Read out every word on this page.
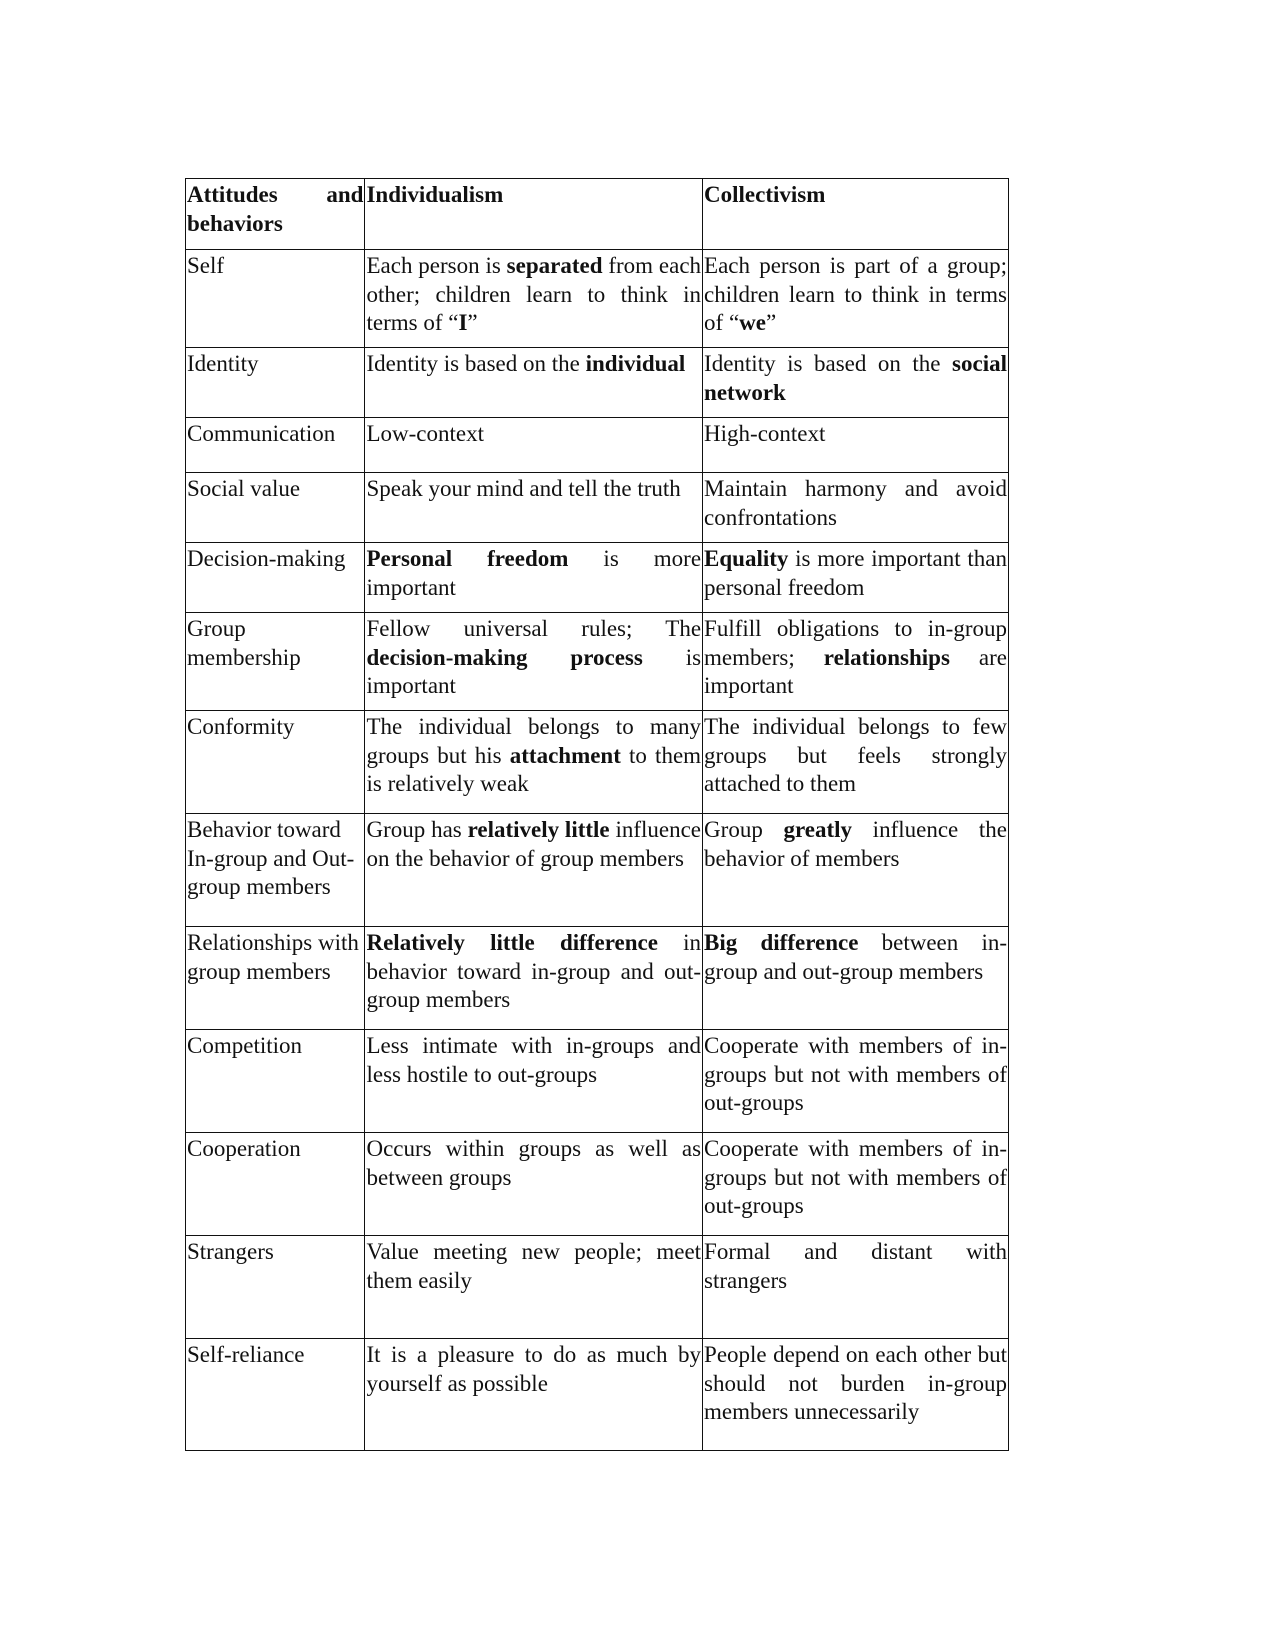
Attitudes and behaviors	Individualism	Collectivism
Self	Each person is separated from each other; children learn to think in terms of “I”	Each person is part of a group; children learn to think in terms of “we”
Identity	Identity is based on the individual	Identity is based on the social network
Communication	Low-context	High-context
Social value	Speak your mind and tell the truth	Maintain harmony and avoid confrontations
Decision-making	Personal freedom is more important	Equality is more important than personal freedom
Group membership	Fellow universal rules; The decision-making process is important	Fulfill obligations to in-group members; relationships are important
Conformity	The individual belongs to many groups but his attachment to them is relatively weak	The individual belongs to few groups but feels strongly attached to them
Behavior toward In-group and Out-group members	Group has relatively little influence on the behavior of group members	Group greatly influence the behavior of members
Relationships with group members	Relatively little difference in behavior toward in-group and out-group members	Big difference between in-group and out-group members
Competition	Less intimate with in-groups and less hostile to out-groups	Cooperate with members of in-groups but not with members of out-groups
Cooperation	Occurs within groups as well as between groups	Cooperate with members of in-groups but not with members of out-groups
Strangers	Value meeting new people; meet them easily	Formal and distant with strangers
Self-reliance	It is a pleasure to do as much by yourself as possible	People depend on each other but should not burden in-group members unnecessarily
